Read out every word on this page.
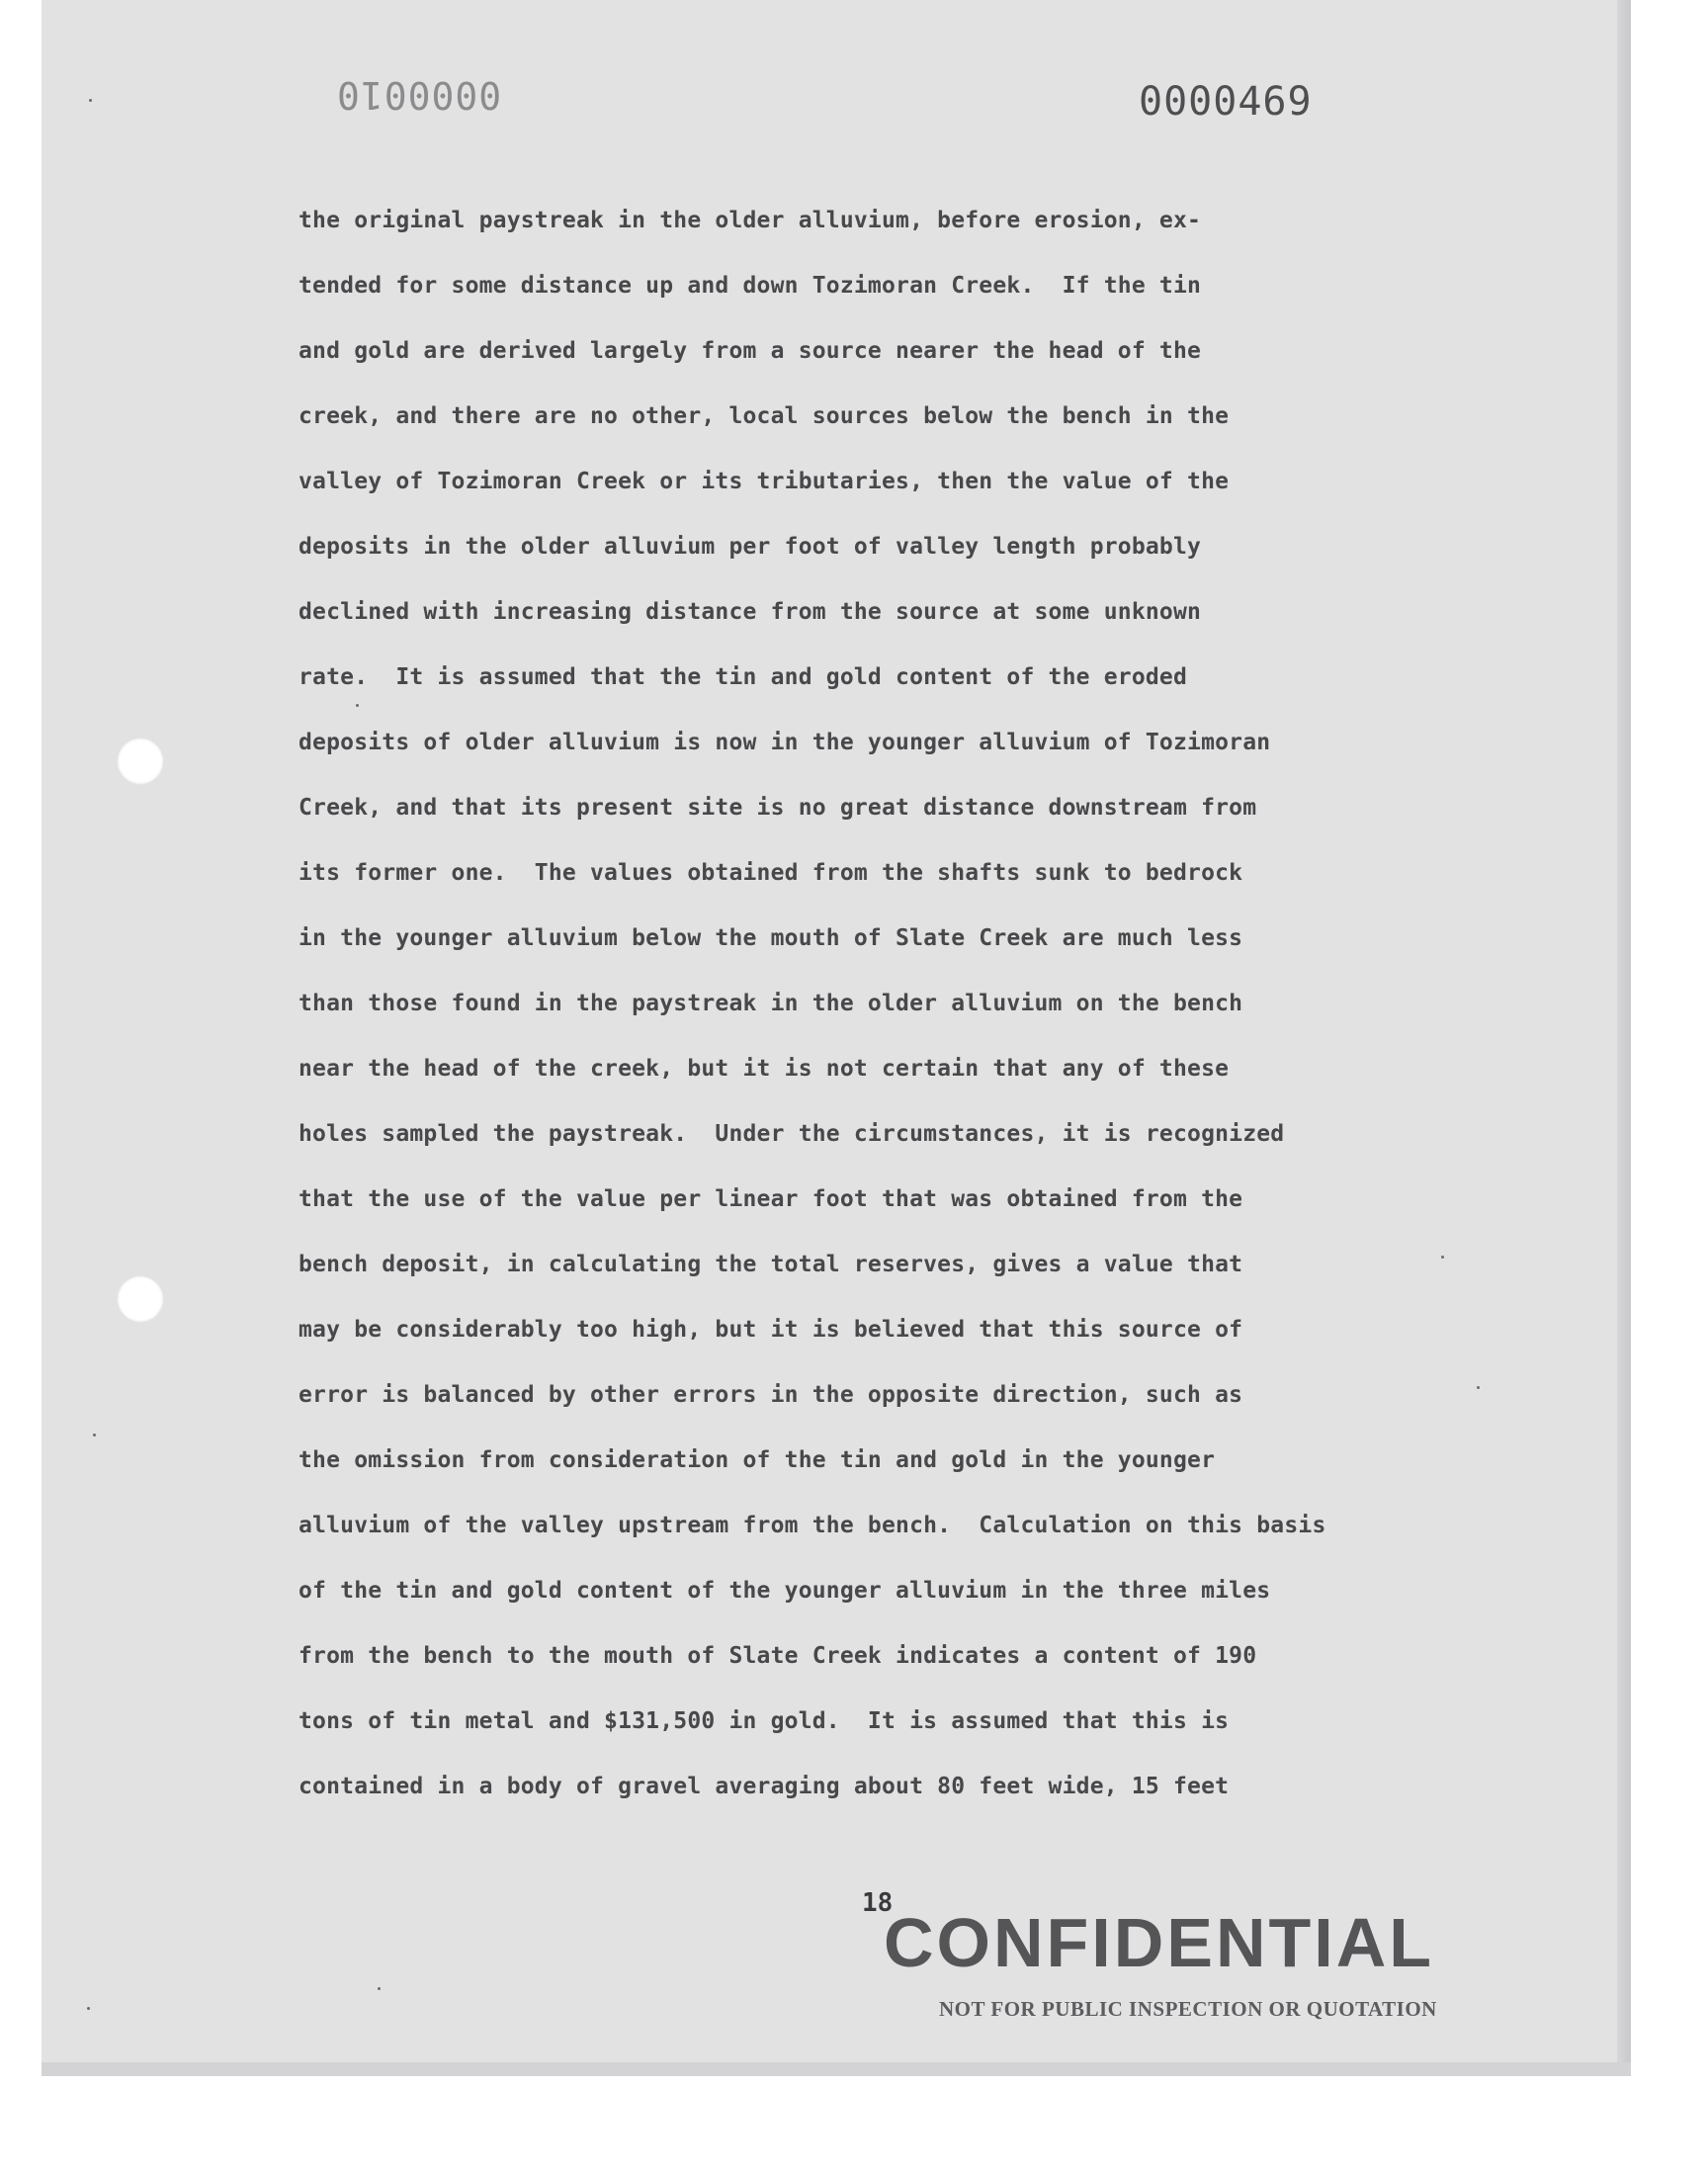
0000010	0000469
the original paystreak in the older alluvium, before erosion, ex-
tended for some distance up and down Tozimoran Creek.  If the tin
and gold are derived largely from a source nearer the head of the
creek, and there are no other, local sources below the bench in the
valley of Tozimoran Creek or its tributaries, then the value of the
deposits in the older alluvium per foot of valley length probably
declined with increasing distance from the source at some unknown
rate.  It is assumed that the tin and gold content of the eroded
deposits of older alluvium is now in the younger alluvium of Tozimoran
Creek, and that its present site is no great distance downstream from
its former one.  The values obtained from the shafts sunk to bedrock
in the younger alluvium below the mouth of Slate Creek are much less
than those found in the paystreak in the older alluvium on the bench
near the head of the creek, but it is not certain that any of these
holes sampled the paystreak.  Under the circumstances, it is recognized
that the use of the value per linear foot that was obtained from the
bench deposit, in calculating the total reserves, gives a value that
may be considerably too high, but it is believed that this source of
error is balanced by other errors in the opposite direction, such as
the omission from consideration of the tin and gold in the younger
alluvium of the valley upstream from the bench.  Calculation on this basis
of the tin and gold content of the younger alluvium in the three miles
from the bench to the mouth of Slate Creek indicates a content of 190
tons of tin metal and $131,500 in gold.  It is assumed that this is
contained in a body of gravel averaging about 80 feet wide, 15 feet
18
CONFIDENTIAL
NOT FOR PUBLIC INSPECTION OR QUOTATION
